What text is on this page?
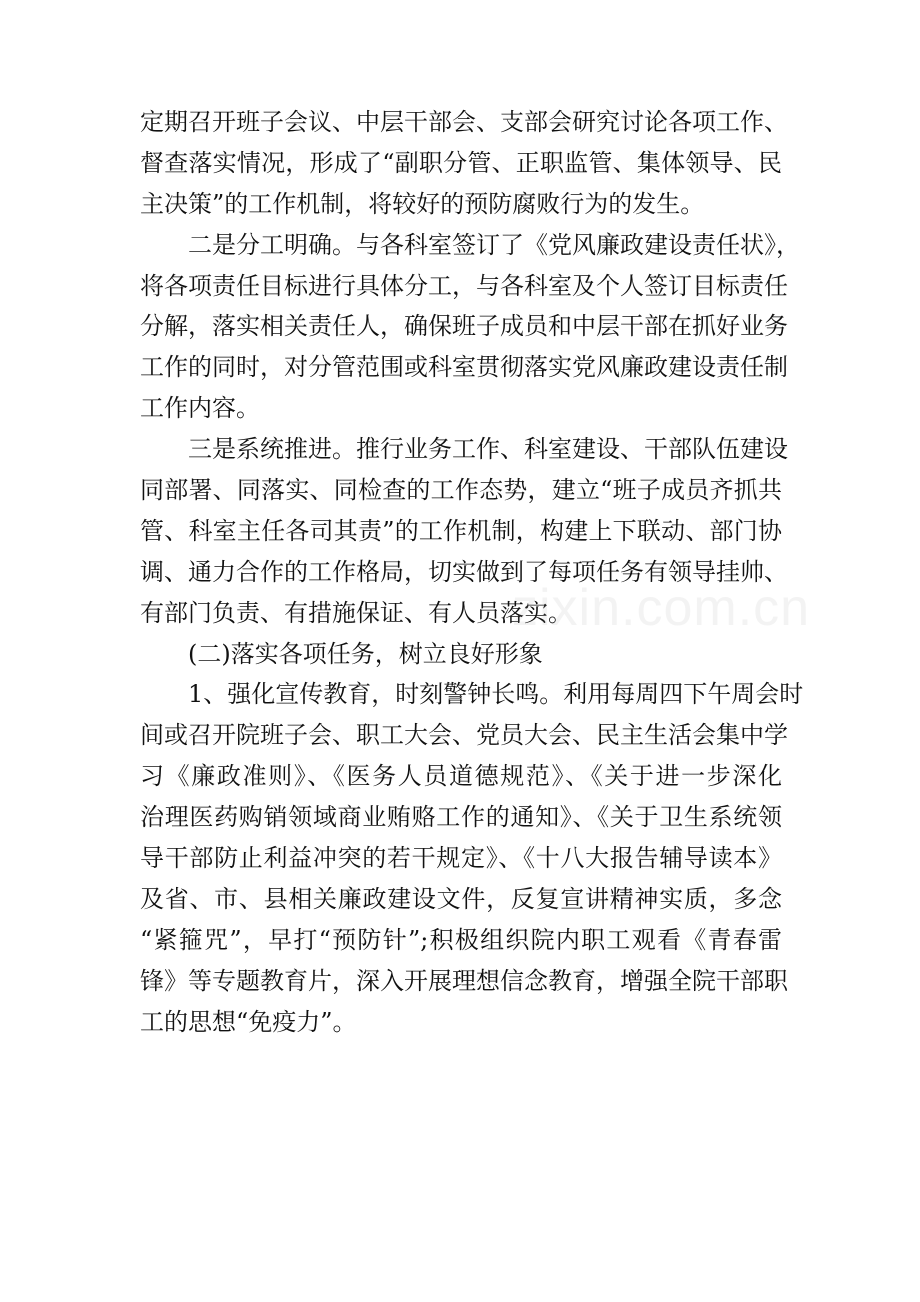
定期召开班子会议、中层干部会、支部会研究讨论各项工作、
督查落实情况，形成了“副职分管、正职监管、集体领导、民
主决策”的工作机制，将较好的预防腐败行为的发生。
二是分工明确。与各科室签订了《党风廉政建设责任状》，
将各项责任目标进行具体分工，与各科室及个人签订目标责任
分解，落实相关责任人，确保班子成员和中层干部在抓好业务
工作的同时，对分管范围或科室贯彻落实党风廉政建设责任制
工作内容。
三是系统推进。推行业务工作、科室建设、干部队伍建设
同部署、同落实、同检查的工作态势，建立“班子成员齐抓共
管、科室主任各司其责”的工作机制，构建上下联动、部门协
调、通力合作的工作格局，切实做到了每项任务有领导挂帅、
有部门负责、有措施保证、有人员落实。
(二)落实各项任务，树立良好形象
1、强化宣传教育，时刻警钟长鸣。利用每周四下午周会时
间或召开院班子会、职工大会、党员大会、民主生活会集中学
习《廉政准则》、《医务人员道德规范》、《关于进一步深化
治理医药购销领域商业贿赂工作的通知》、《关于卫生系统领
导干部防止利益冲突的若干规定》、《十八大报告辅导读本》
及省、市、县相关廉政建设文件，反复宣讲精神实质，多念
“紧箍咒”，早打“预防针”;积极组织院内职工观看《青春雷
锋》等专题教育片，深入开展理想信念教育，增强全院干部职
工的思想“免疫力”。
zixin.com.cn
